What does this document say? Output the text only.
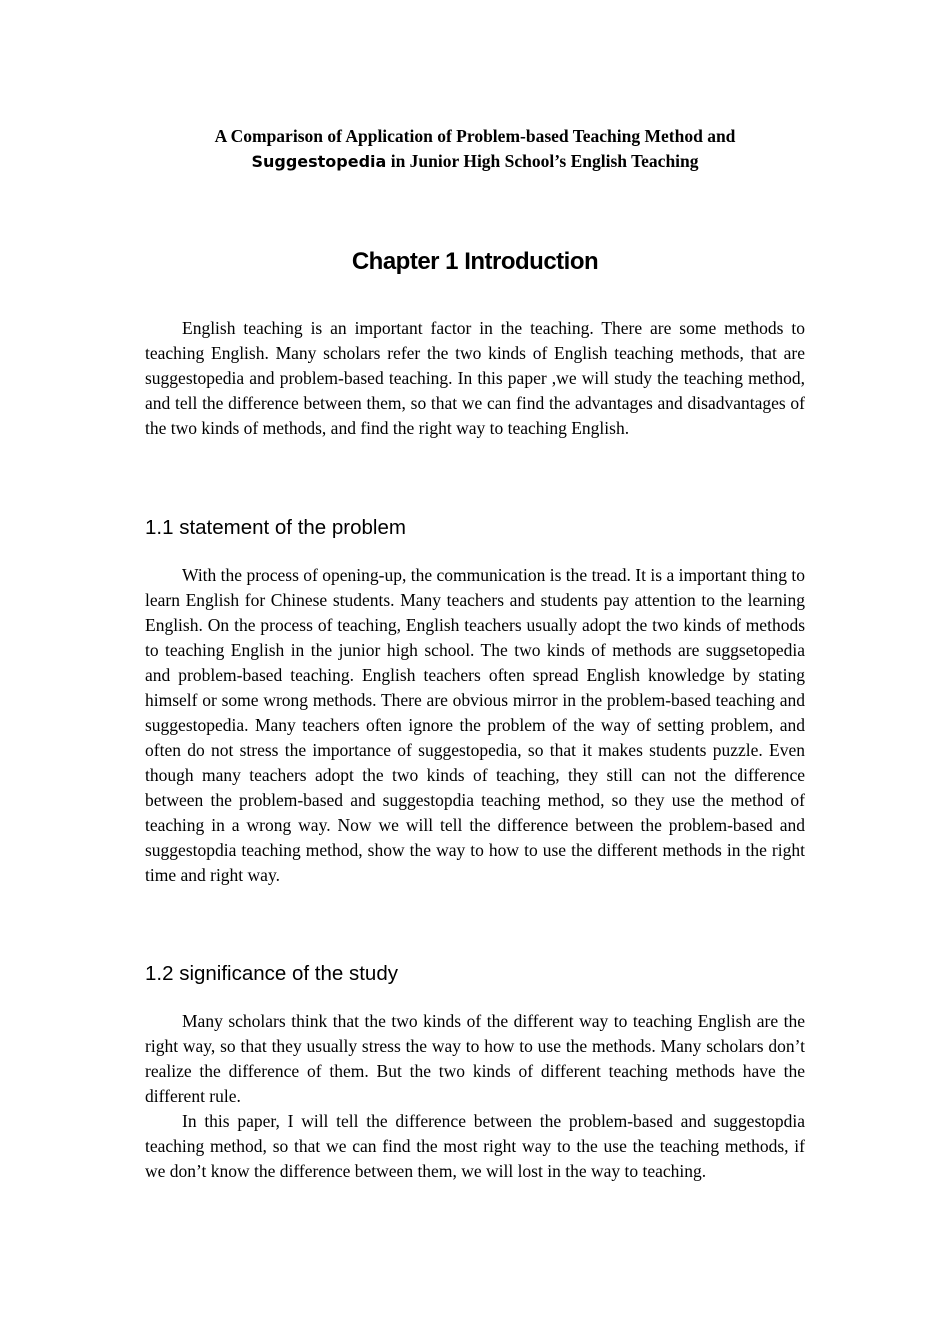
A Comparison of Application of Problem-based Teaching Method and
Suggestopedia in Junior High School’s English Teaching
Chapter 1 Introduction

English teaching is an important factor in the teaching. There are some methods to teaching English. Many scholars refer the two kinds of English teaching methods, that are suggestopedia and problem-based teaching. In this paper ,we will study the teaching method, and tell the difference between them, so that we can find the advantages and disadvantages of the two kinds of methods, and find the right way to teaching English.

1.1 statement of the problem

With the process of opening-up, the communication is the tread. It is a important thing to learn English for Chinese students. Many teachers and students pay attention to the learning English. On the process of teaching, English teachers usually adopt the two kinds of methods to teaching English in the junior high school. The two kinds of methods are suggsetopedia and problem-based teaching. English teachers often spread English knowledge by stating himself or some wrong methods. There are obvious mirror in the problem-based teaching and suggestopedia. Many teachers often ignore the problem of the way of setting problem, and often do not stress the importance of suggestopedia, so that it makes students puzzle. Even though many teachers adopt the two kinds of teaching, they still can not the difference between the problem-based and suggestopdia teaching method, so they use the method of teaching in a wrong way. Now we will tell the difference between the problem-based and suggestopdia teaching method, show the way to how to use the different methods in the right time and right way.

1.2 significance of the study

Many scholars think that the two kinds of the different way to teaching English are the right way, so that they usually stress the way to how to use the methods. Many scholars don’t realize the difference of them. But the two kinds of different teaching methods have the different rule.

In this paper, I will tell the difference between the problem-based and suggestopdia teaching method, so that we can find the most right way to the use the teaching methods, if we don’t know the difference between them, we will lost in the way to teaching.
